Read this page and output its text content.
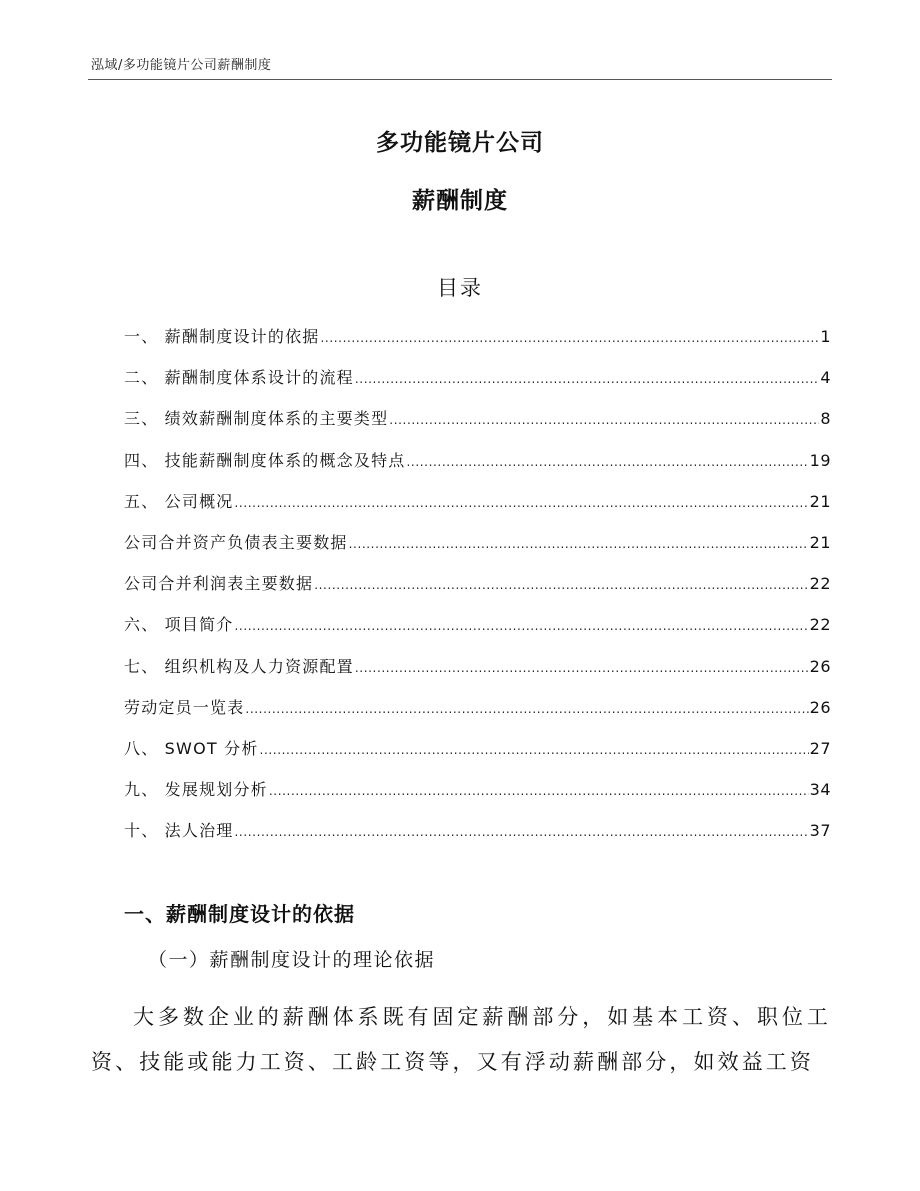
泓域/多功能镜片公司薪酬制度
多功能镜片公司
薪酬制度
目录
一、 薪酬制度设计的依据 .....	1
二、 薪酬制度体系设计的流程 .....	4
三、 绩效薪酬制度体系的主要类型 .....	8
四、 技能薪酬制度体系的概念及特点 .....	19
五、 公司概况 .....	21
公司合并资产负债表主要数据 .....	21
公司合并利润表主要数据 .....	22
六、 项目简介 .....	22
七、 组织机构及人力资源配置 .....	26
劳动定员一览表 .....	26
八、 SWOT 分析 .....	27
九、 发展规划分析 .....	34
十、 法人治理 .....	37
一、薪酬制度设计的依据
（一）薪酬制度设计的理论依据
大多数企业的薪酬体系既有固定薪酬部分，如基本工资、职位工资、技能或能力工资、工龄工资等，又有浮动薪酬部分，如效益工资
